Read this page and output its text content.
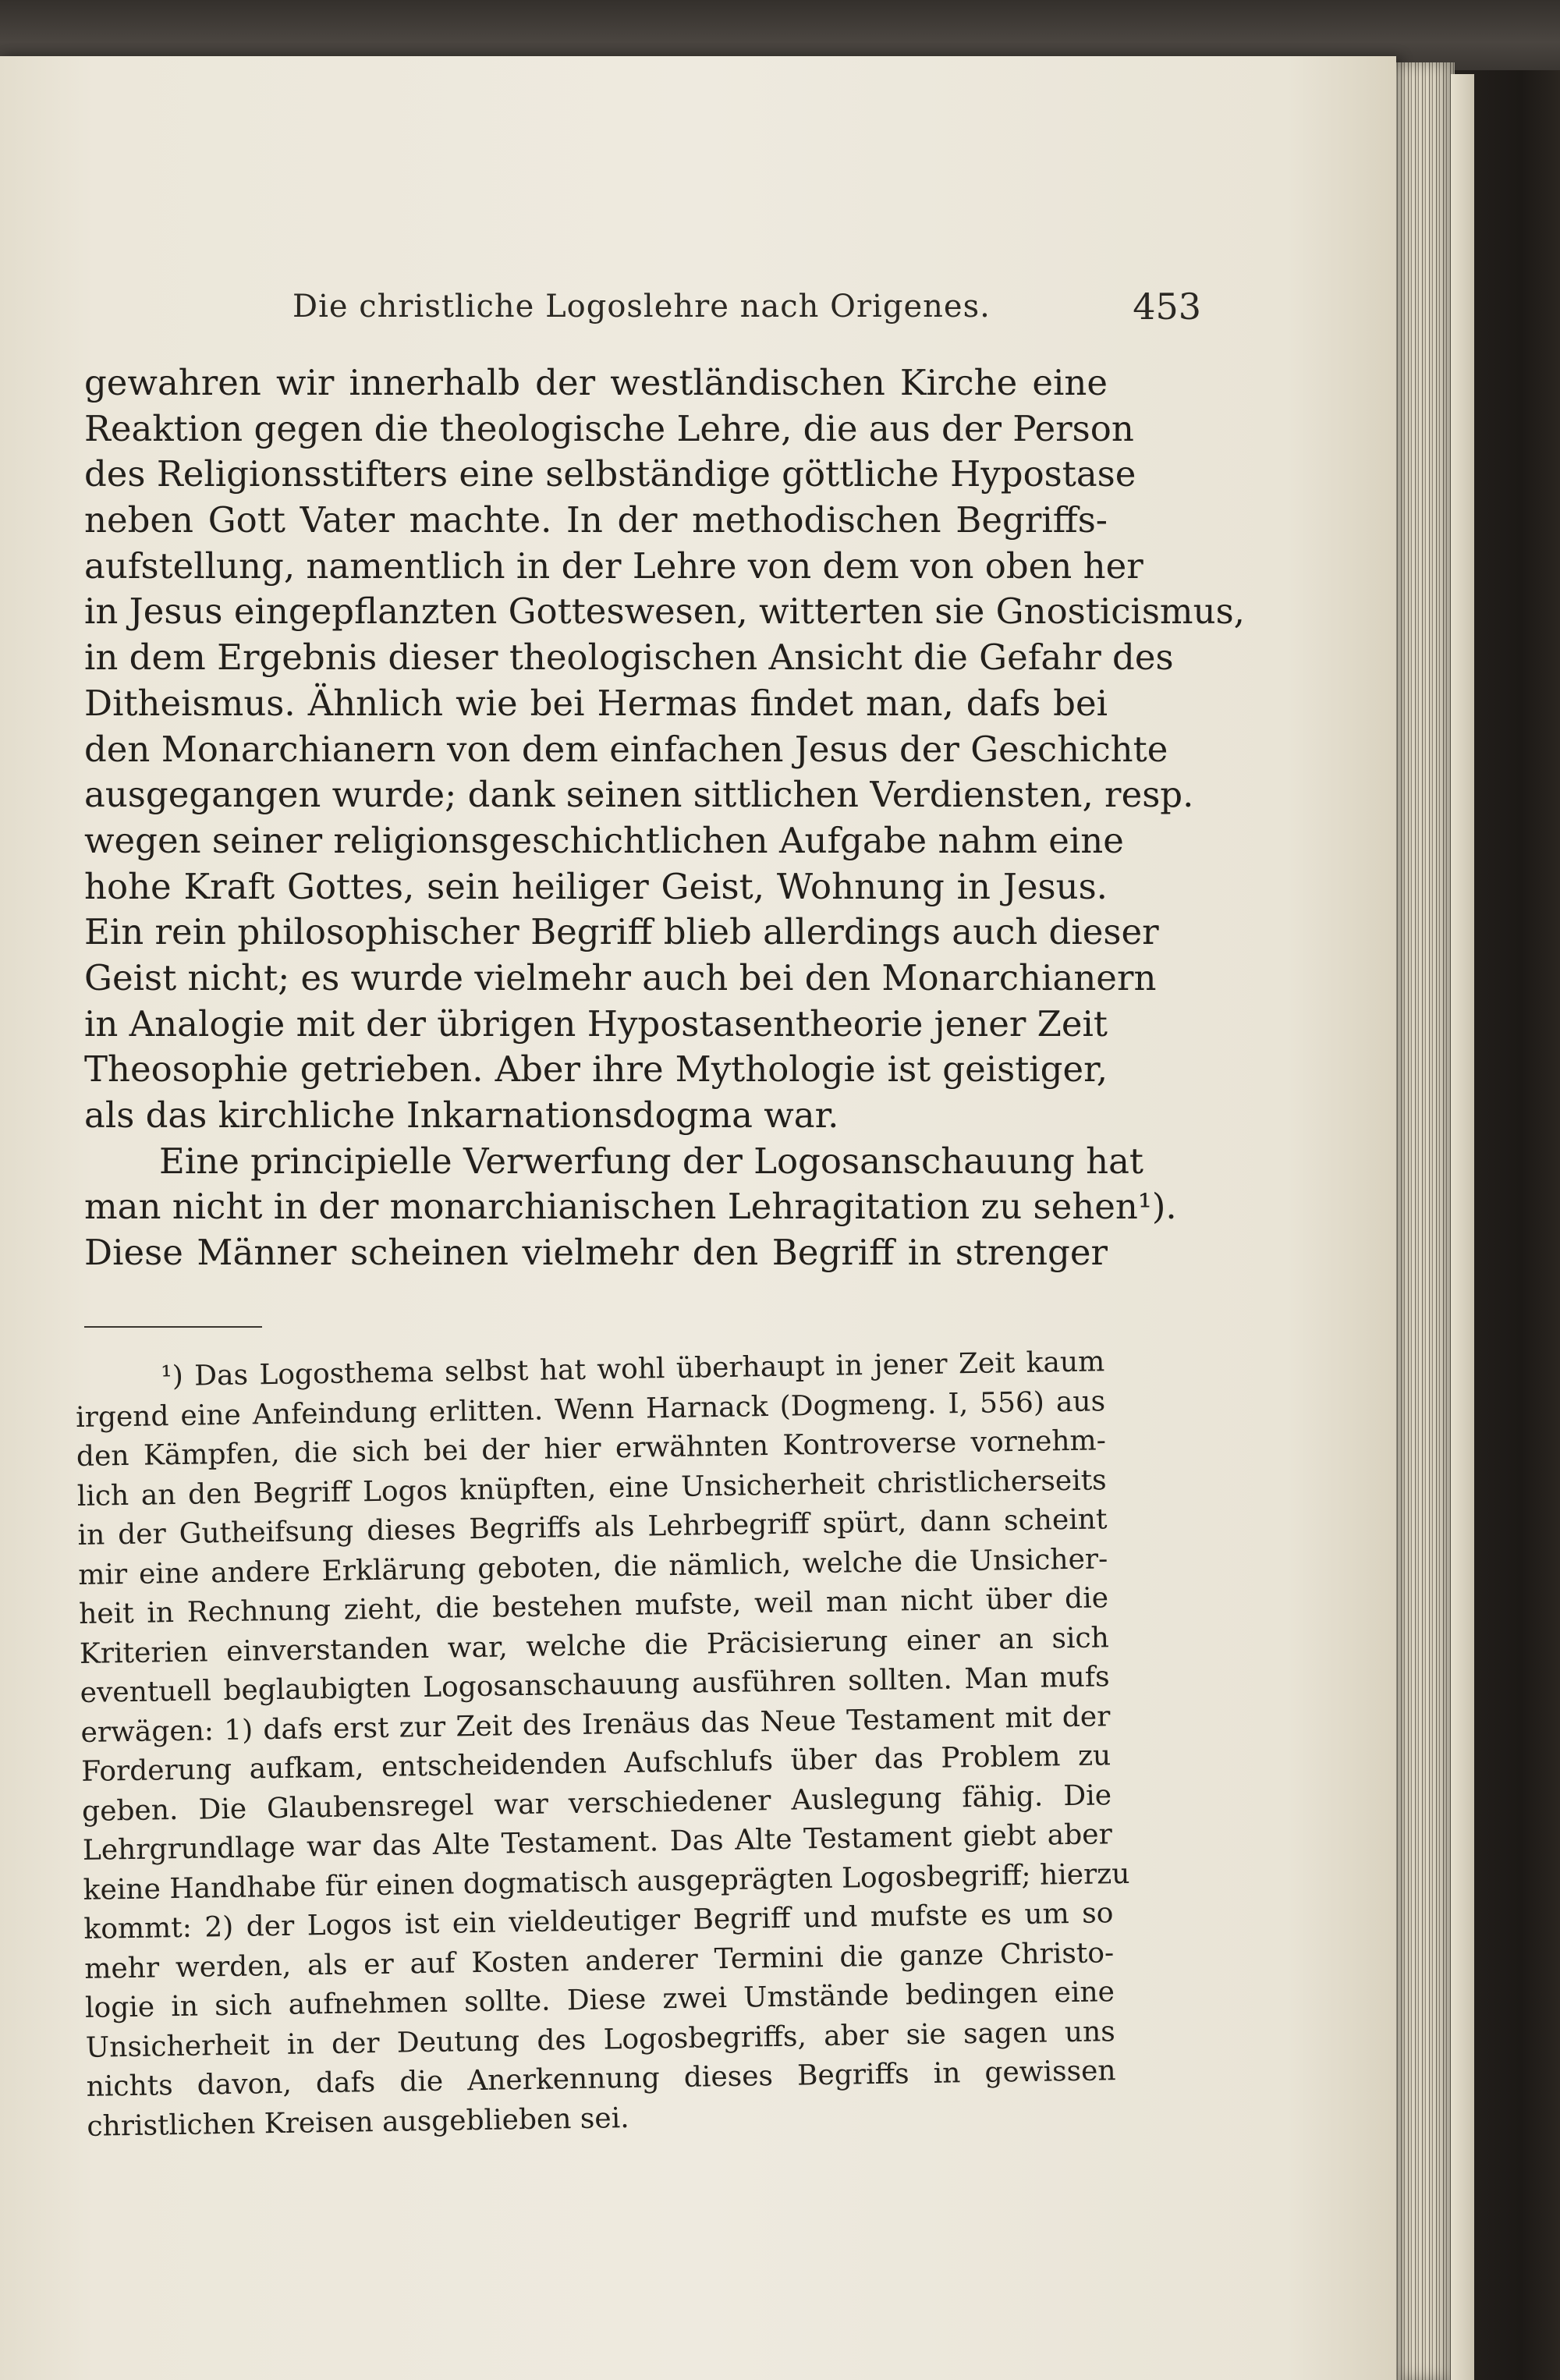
Die christliche Logoslehre nach Origenes.	453
gewahren wir innerhalb der westländischen Kirche eine
Reaktion gegen die theologische Lehre, die aus der Person
des Religionsstifters eine selbständige göttliche Hypostase
neben Gott Vater machte. In der methodischen Begriffs-
aufstellung, namentlich in der Lehre von dem von oben her
in Jesus eingepflanzten Gotteswesen, witterten sie Gnosticismus,
in dem Ergebnis dieser theologischen Ansicht die Gefahr des
Ditheismus. Ähnlich wie bei Hermas findet man, dafs bei
den Monarchianern von dem einfachen Jesus der Geschichte
ausgegangen wurde; dank seinen sittlichen Verdiensten, resp.
wegen seiner religionsgeschichtlichen Aufgabe nahm eine
hohe Kraft Gottes, sein heiliger Geist, Wohnung in Jesus.
Ein rein philosophischer Begriff blieb allerdings auch dieser
Geist nicht; es wurde vielmehr auch bei den Monarchianern
in Analogie mit der übrigen Hypostasentheorie jener Zeit
Theosophie getrieben. Aber ihre Mythologie ist geistiger,
als das kirchliche Inkarnationsdogma war.
Eine principielle Verwerfung der Logosanschauung hat
man nicht in der monarchianischen Lehragitation zu sehen¹).
Diese Männer scheinen vielmehr den Begriff in strenger
¹) Das Logosthema selbst hat wohl überhaupt in jener Zeit kaum
irgend eine Anfeindung erlitten. Wenn Harnack (Dogmeng. I, 556) aus
den Kämpfen, die sich bei der hier erwähnten Kontroverse vornehm-
lich an den Begriff Logos knüpften, eine Unsicherheit christlicherseits
in der Gutheifsung dieses Begriffs als Lehrbegriff spürt, dann scheint
mir eine andere Erklärung geboten, die nämlich, welche die Unsicher-
heit in Rechnung zieht, die bestehen mufste, weil man nicht über die
Kriterien einverstanden war, welche die Präcisierung einer an sich
eventuell beglaubigten Logosanschauung ausführen sollten. Man mufs
erwägen: 1) dafs erst zur Zeit des Irenäus das Neue Testament mit der
Forderung aufkam, entscheidenden Aufschlufs über das Problem zu
geben. Die Glaubensregel war verschiedener Auslegung fähig. Die
Lehrgrundlage war das Alte Testament. Das Alte Testament giebt aber
keine Handhabe für einen dogmatisch ausgeprägten Logosbegriff; hierzu
kommt: 2) der Logos ist ein vieldeutiger Begriff und mufste es um so
mehr werden, als er auf Kosten anderer Termini die ganze Christo-
logie in sich aufnehmen sollte. Diese zwei Umstände bedingen eine
Unsicherheit in der Deutung des Logosbegriffs, aber sie sagen uns
nichts davon, dafs die Anerkennung dieses Begriffs in gewissen
christlichen Kreisen ausgeblieben sei.
